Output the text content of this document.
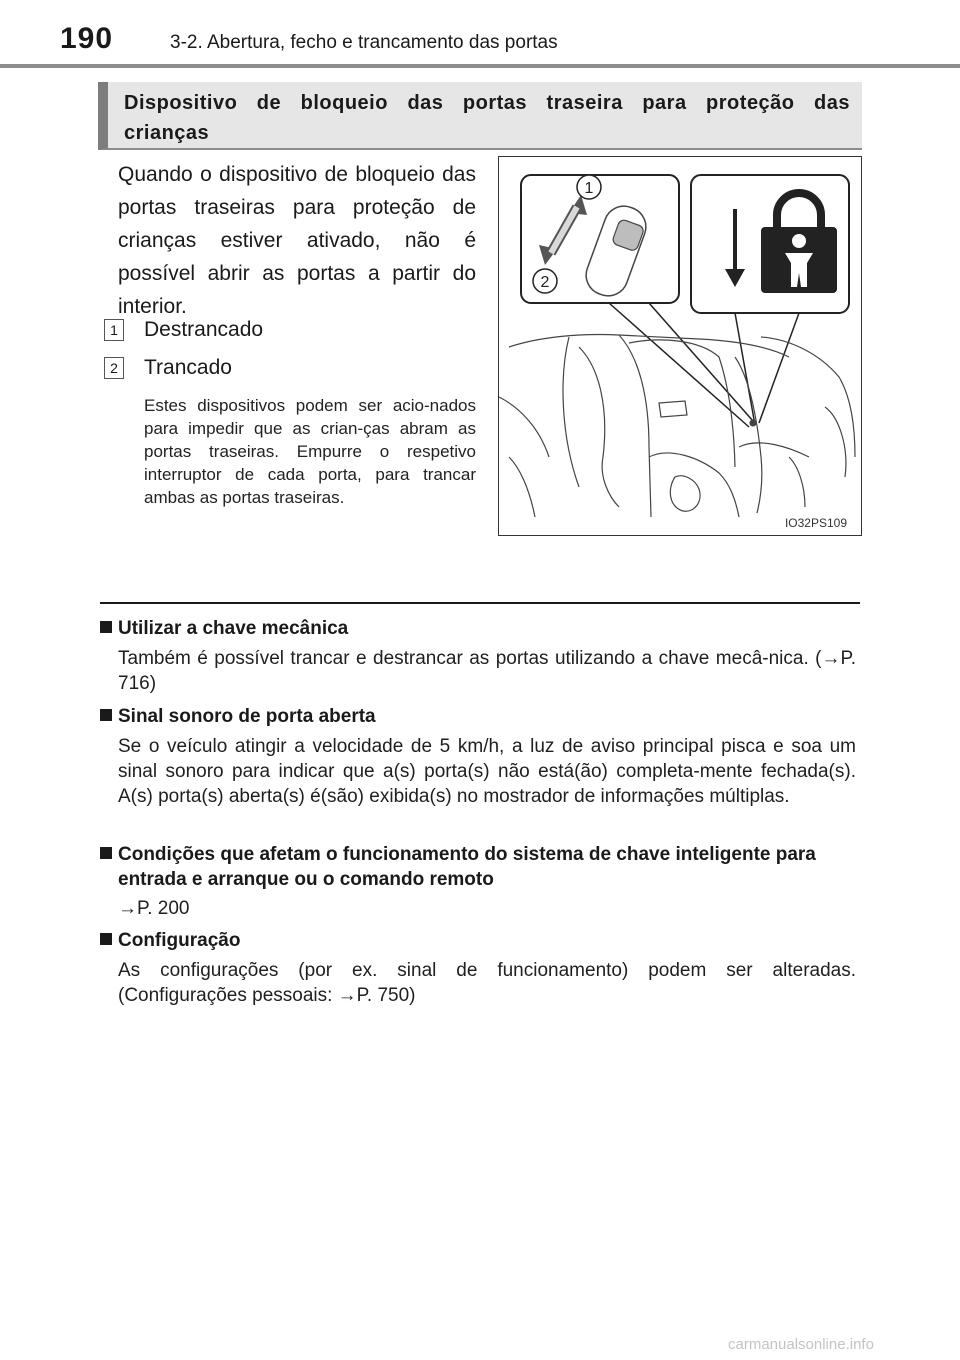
190	3-2. Abertura, fecho e trancamento das portas
Dispositivo de bloqueio das portas traseira para proteção das crianças
Quando o dispositivo de bloqueio das portas traseiras para proteção de crianças estiver ativado, não é possível abrir as portas a partir do interior.
1 Destrancado
2 Trancado
Estes dispositivos podem ser acio-nados para impedir que as crian-ças abram as portas traseiras. Empurre o respetivo interruptor de cada porta, para trancar ambas as portas traseiras.
1
2
IO32PS109
Utilizar a chave mecânica
Também é possível trancar e destrancar as portas utilizando a chave mecâ-nica. (→P. 716)
Sinal sonoro de porta aberta
Se o veículo atingir a velocidade de 5 km/h, a luz de aviso principal pisca e soa um sinal sonoro para indicar que a(s) porta(s) não está(ão) completa-mente fechada(s). A(s) porta(s) aberta(s) é(são) exibida(s) no mostrador de informações múltiplas.
Condições que afetam o funcionamento do sistema de chave inteligente para entrada e arranque ou o comando remoto
→P. 200
Configuração
As configurações (por ex. sinal de funcionamento) podem ser alteradas. (Configurações pessoais: →P. 750)
carmanualsonline.info
